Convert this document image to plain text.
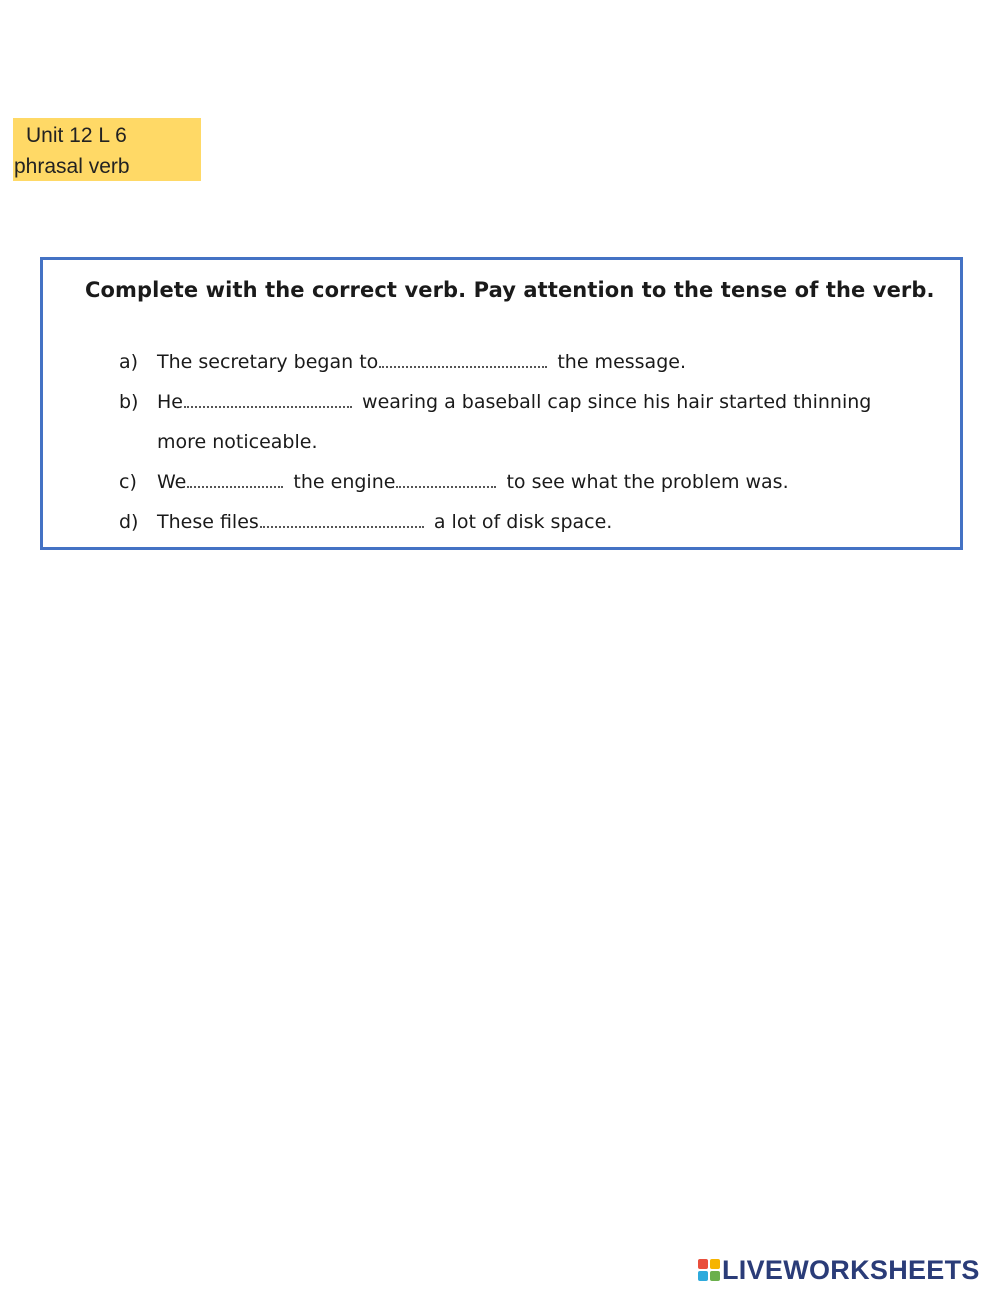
Unit 12 L 6
phrasal verb
Complete with the correct verb. Pay attention to the tense of the verb.
a) The secretary began to	the message.
b) He	wearing a baseball cap since his hair started thinning more noticeable.
c)	We	the engine	to see what the problem was.
d) These files	a lot of disk space.
LIVEWORKSHEETS
